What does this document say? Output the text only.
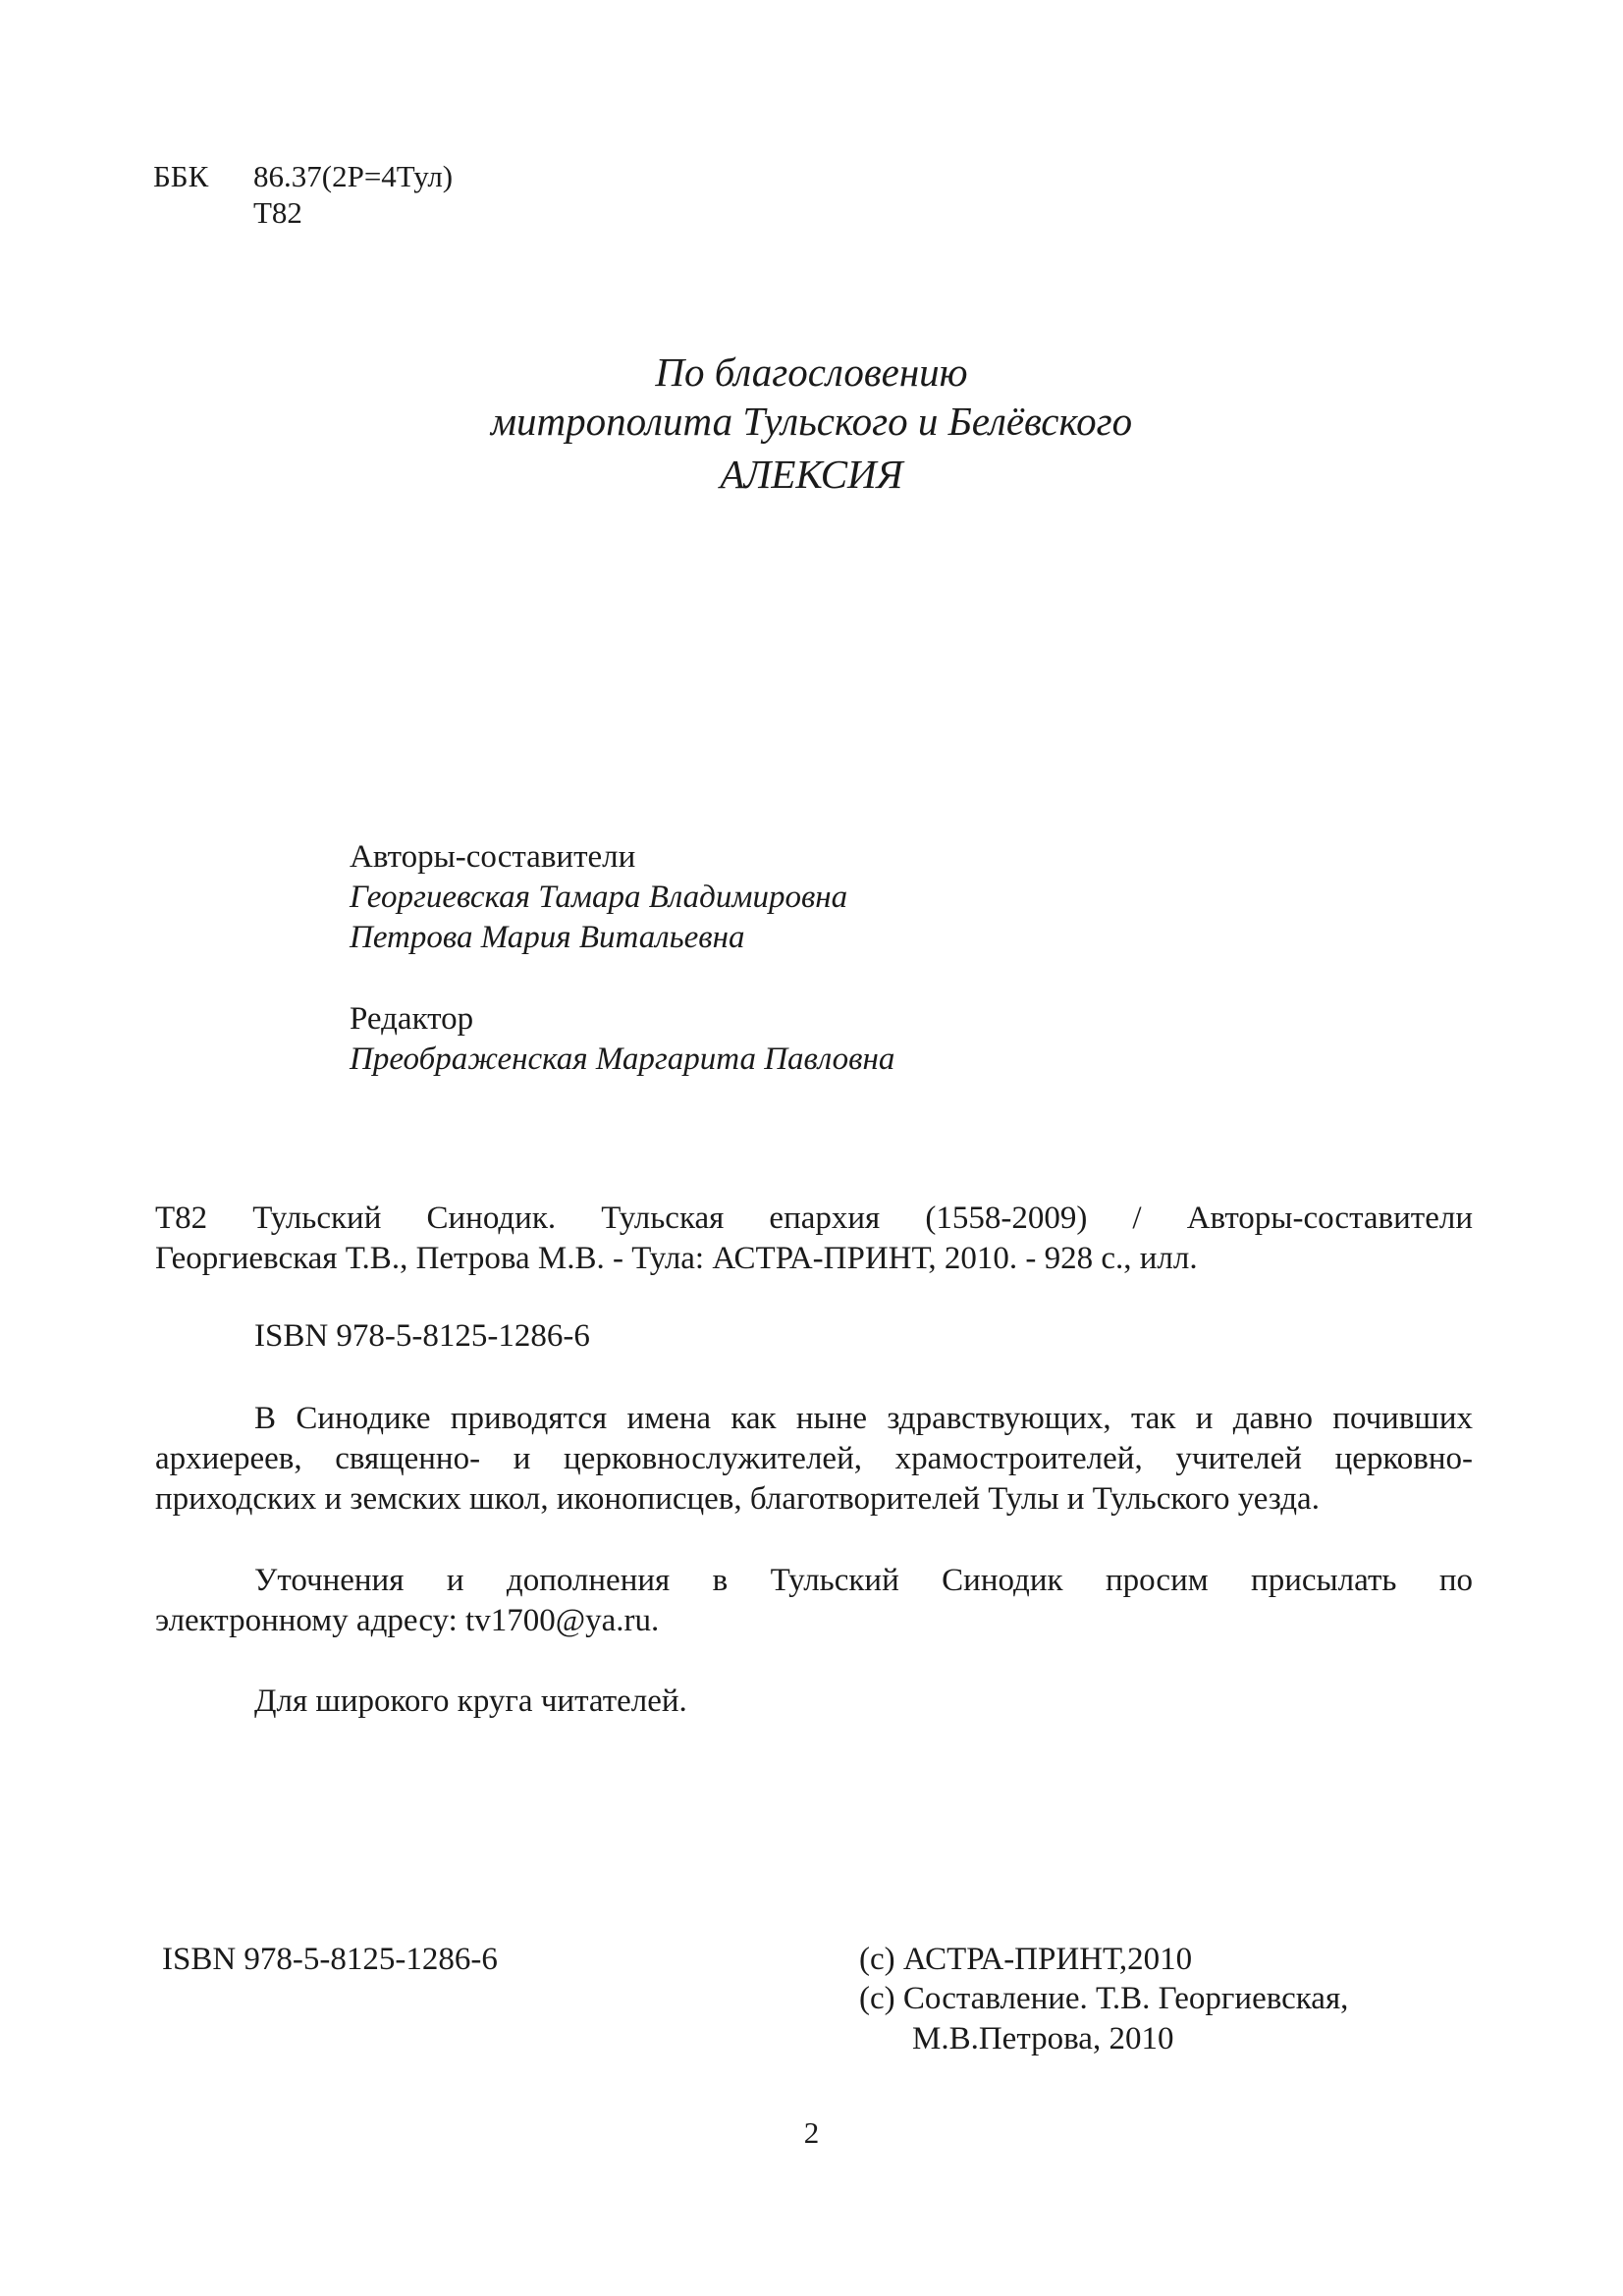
ББК 86.37(2Р=4Тул)
Т82
По благословению
митрополита Тульского и Белёвского
АЛЕКСИЯ
Авторы-составители
Георгиевская Тамара Владимировна
Петрова Мария Витальевна
Редактор
Преображенская Маргарита Павловна
Т82 Тульский Синодик. Тульская епархия (1558-2009) / Авторы-составители
Георгиевская Т.В., Петрова М.В. - Тула: АСТРА-ПРИНТ, 2010. - 928 с., илл.
ISBN 978-5-8125-1286-6
В Синодике приводятся имена как ныне здравствующих, так и давно почивших
архиереев, священно- и церковнослужителей, храмостроителей, учителей церковно-
приходских и земских школ, иконописцев, благотворителей Тулы и Тульского уезда.
Уточнения и дополнения в Тульский Синодик просим присылать по
электронному адресу: tv1700@ya.ru.
Для широкого круга читателей.
ISBN 978-5-8125-1286-6	(с) АСТРА-ПРИНТ,2010
(с) Составление. Т.В. Георгиевская,
М.В.Петрова, 2010
2
